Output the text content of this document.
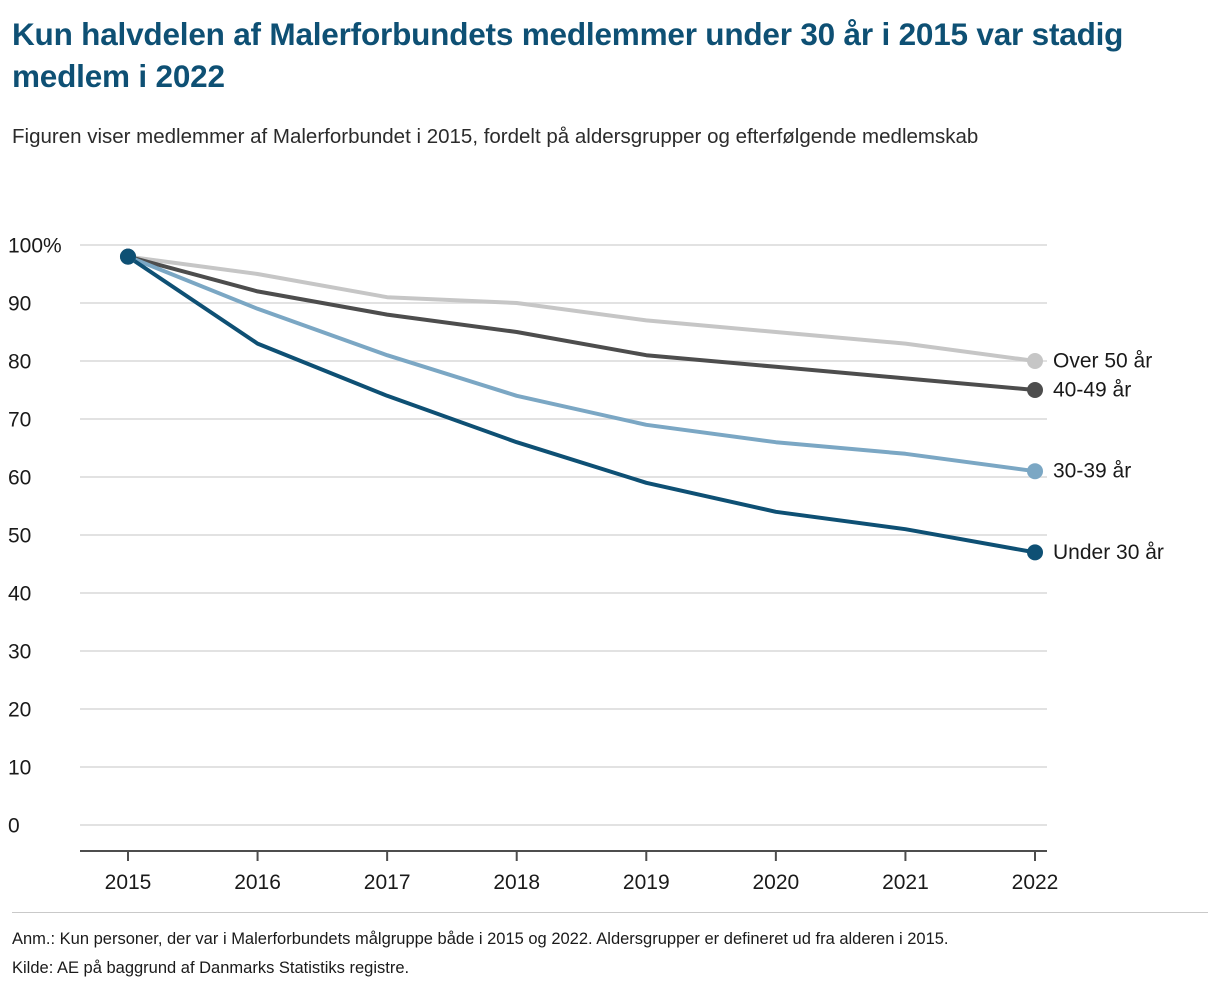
Kun halvdelen af Malerforbundets medlemmer under 30 år i 2015 var stadig medlem i 2022
Figuren viser medlemmer af Malerforbundet i 2015, fordelt på aldersgrupper og efterfølgende medlemskab
0
10
20
30
40
50
60
70
80
90
100%
2015	2016	2017	2018	2019	2020	2021	2022
Over 50 år
40-49 år
30-39 år
Under 30 år
Anm.: Kun personer, der var i Malerforbundets målgruppe både i 2015 og 2022. Aldersgrupper er defineret ud fra alderen i 2015.
Kilde: AE på baggrund af Danmarks Statistiks registre.
